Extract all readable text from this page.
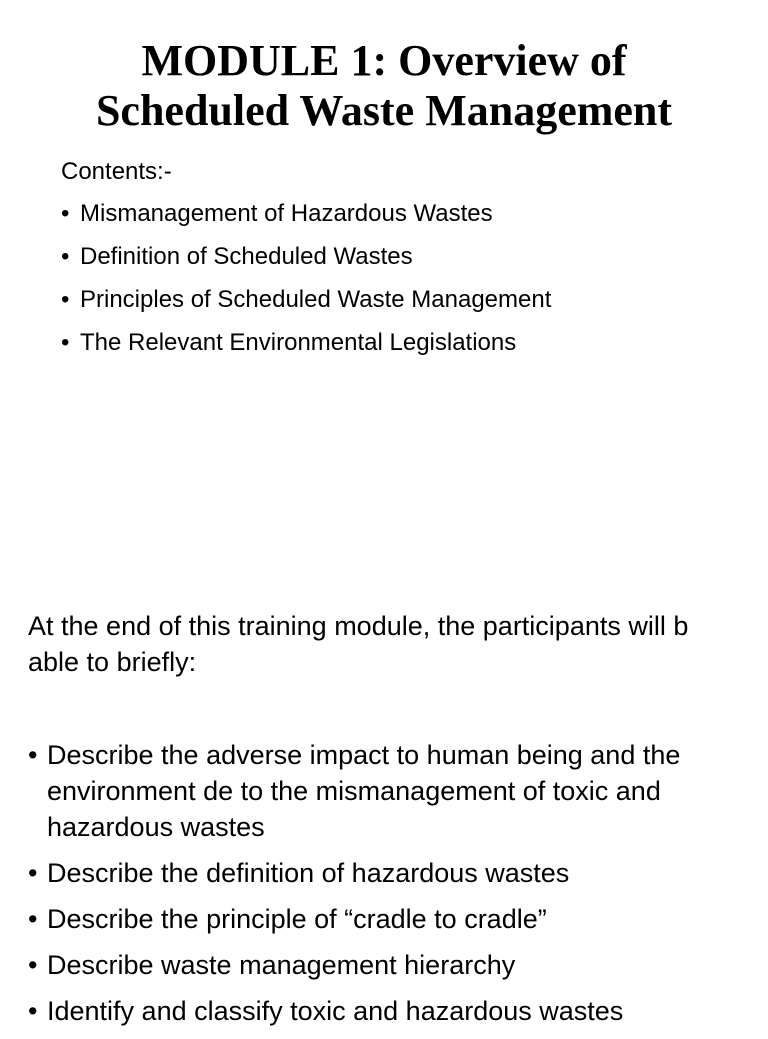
MODULE 1: Overview of
Scheduled Waste Management

Contents:-

• Mismanagement of Hazardous Wastes
• Definition of Scheduled Wastes
• Principles of Scheduled Waste Management
• The Relevant Environmental Legislations

At the end of this training module, the participants will b able to briefly:

• Describe the adverse impact to human being and the environment de to the mismanagement of toxic and hazardous wastes
• Describe the definition of hazardous wastes
• Describe the principle of “cradle to cradle”
• Describe waste management hierarchy
• Identify and classify toxic and hazardous wastes
